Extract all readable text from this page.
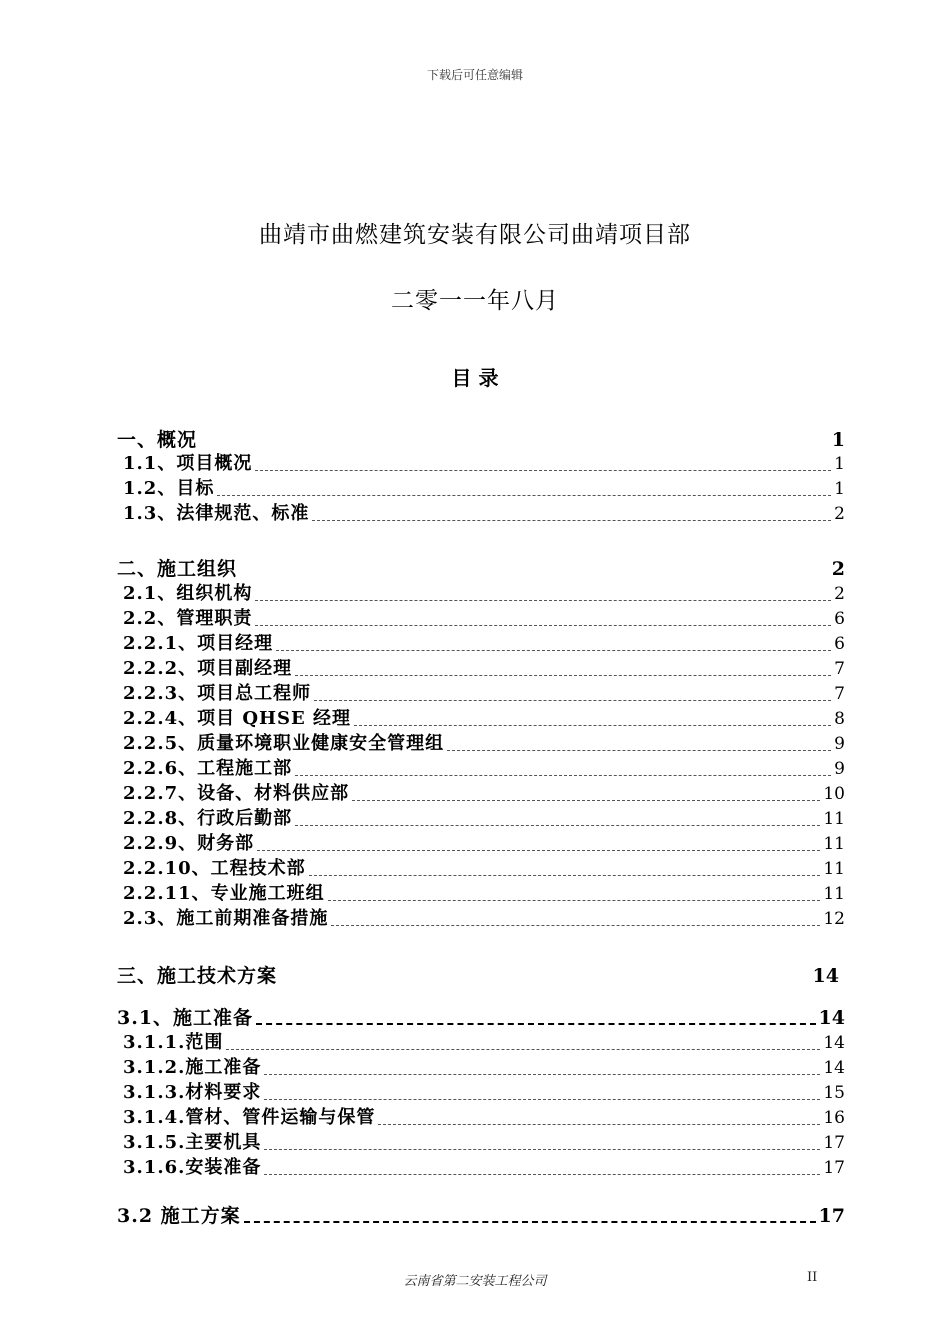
下载后可任意编辑
曲靖市曲燃建筑安装有限公司曲靖项目部
二零一一年八月
目 录
一、概况	1
1.1、项目概况	1
1.2、目标	1
1.3、法律规范、标准	2
二、施工组织	2
2.1、组织机构	2
2.2、管理职责	6
2.2.1、项目经理	6
2.2.2、项目副经理	7
2.2.3、项目总工程师	7
2.2.4、项目 QHSE 经理	8
2.2.5、质量环境职业健康安全管理组	9
2.2.6、工程施工部	9
2.2.7、设备、材料供应部	10
2.2.8、行政后勤部	11
2.2.9、财务部	11
2.2.10、工程技术部	11
2.2.11、专业施工班组	11
2.3、施工前期准备措施	12
三、施工技术方案	14
3.1、施工准备	14
3.1.1.范围	14
3.1.2.施工准备	14
3.1.3.材料要求	15
3.1.4.管材、管件运输与保管	16
3.1.5.主要机具	17
3.1.6.安装准备	17
3.2 施工方案	17
云南省第二安装工程公司	II
